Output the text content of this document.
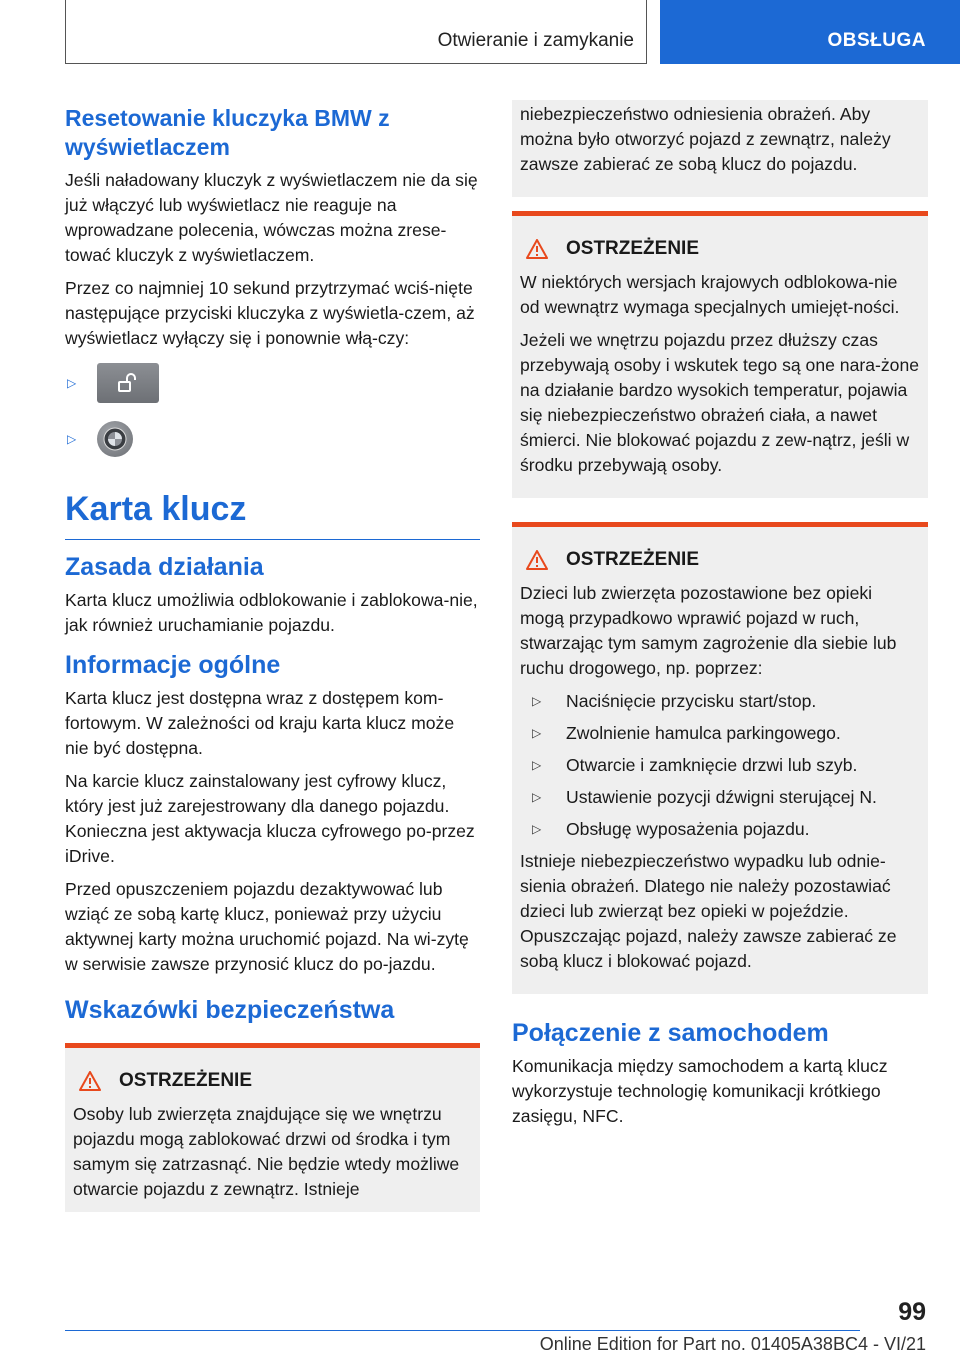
Otwieranie i zamykanie	OBSŁUGA
Resetowanie kluczyka BMW z wyświetlaczem

Jeśli naładowany kluczyk z wyświetlaczem nie da się już włączyć lub wyświetlacz nie reaguje na wprowadzane polecenia, wówczas można zrese-tować kluczyk z wyświetlaczem.

Przez co najmniej 10 sekund przytrzymać wciś-nięte następujące przyciski kluczyka z wyświetla-czem, aż wyświetlacz wyłączy się i ponownie włą-czy:

▷
▷
Karta klucz
Zasada działania

Karta klucz umożliwia odblokowanie i zablokowa-nie, jak również uruchamianie pojazdu.

Informacje ogólne

Karta klucz jest dostępna wraz z dostępem kom-fortowym. W zależności od kraju karta klucz może nie być dostępna.

Na karcie klucz zainstalowany jest cyfrowy klucz, który jest już zarejestrowany dla danego pojazdu. Konieczna jest aktywacja klucza cyfrowego po-przez iDrive.

Przed opuszczeniem pojazdu dezaktywować lub wziąć ze sobą kartę klucz, ponieważ przy użyciu aktywnej karty można uruchomić pojazd. Na wi-zytę w serwisie zawsze przynosić klucz do po-jazdu.

Wskazówki bezpieczeństwa
OSTRZEŻENIE

Osoby lub zwierzęta znajdujące się we wnętrzu pojazdu mogą zablokować drzwi od środka i tym samym się zatrzasnąć. Nie będzie wtedy możliwe otwarcie pojazdu z zewnątrz. Istnieje

niebezpieczeństwo odniesienia obrażeń. Aby można było otworzyć pojazd z zewnątrz, należy zawsze zabierać ze sobą klucz do pojazdu.

OSTRZEŻENIE

W niektórych wersjach krajowych odblokowa-nie od wewnątrz wymaga specjalnych umiejęt-ności.

Jeżeli we wnętrzu pojazdu przez dłuższy czas przebywają osoby i wskutek tego są one nara-żone na działanie bardzo wysokich temperatur, pojawia się niebezpieczeństwo obrażeń ciała, a nawet śmierci. Nie blokować pojazdu z zew-nątrz, jeśli w środku przebywają osoby.

OSTRZEŻENIE

Dzieci lub zwierzęta pozostawione bez opieki mogą przypadkowo wprawić pojazd w ruch, stwarzając tym samym zagrożenie dla siebie lub ruchu drogowego, np. poprzez:

▷	Naciśnięcie przycisku start/stop.
▷	Zwolnienie hamulca parkingowego.
▷	Otwarcie i zamknięcie drzwi lub szyb.
▷	Ustawienie pozycji dźwigni sterującej N.
▷	Obsługę wyposażenia pojazdu.

Istnieje niebezpieczeństwo wypadku lub odnie-sienia obrażeń. Dlatego nie należy pozostawiać dzieci lub zwierząt bez opieki w pojeździe. Opuszczając pojazd, należy zawsze zabierać ze sobą klucz i blokować pojazd.

Połączenie z samochodem

Komunikacja między samochodem a kartą klucz wykorzystuje technologię komunikacji krótkiego zasięgu, NFC.

99
Online Edition for Part no. 01405A38BC4 - VI/21
